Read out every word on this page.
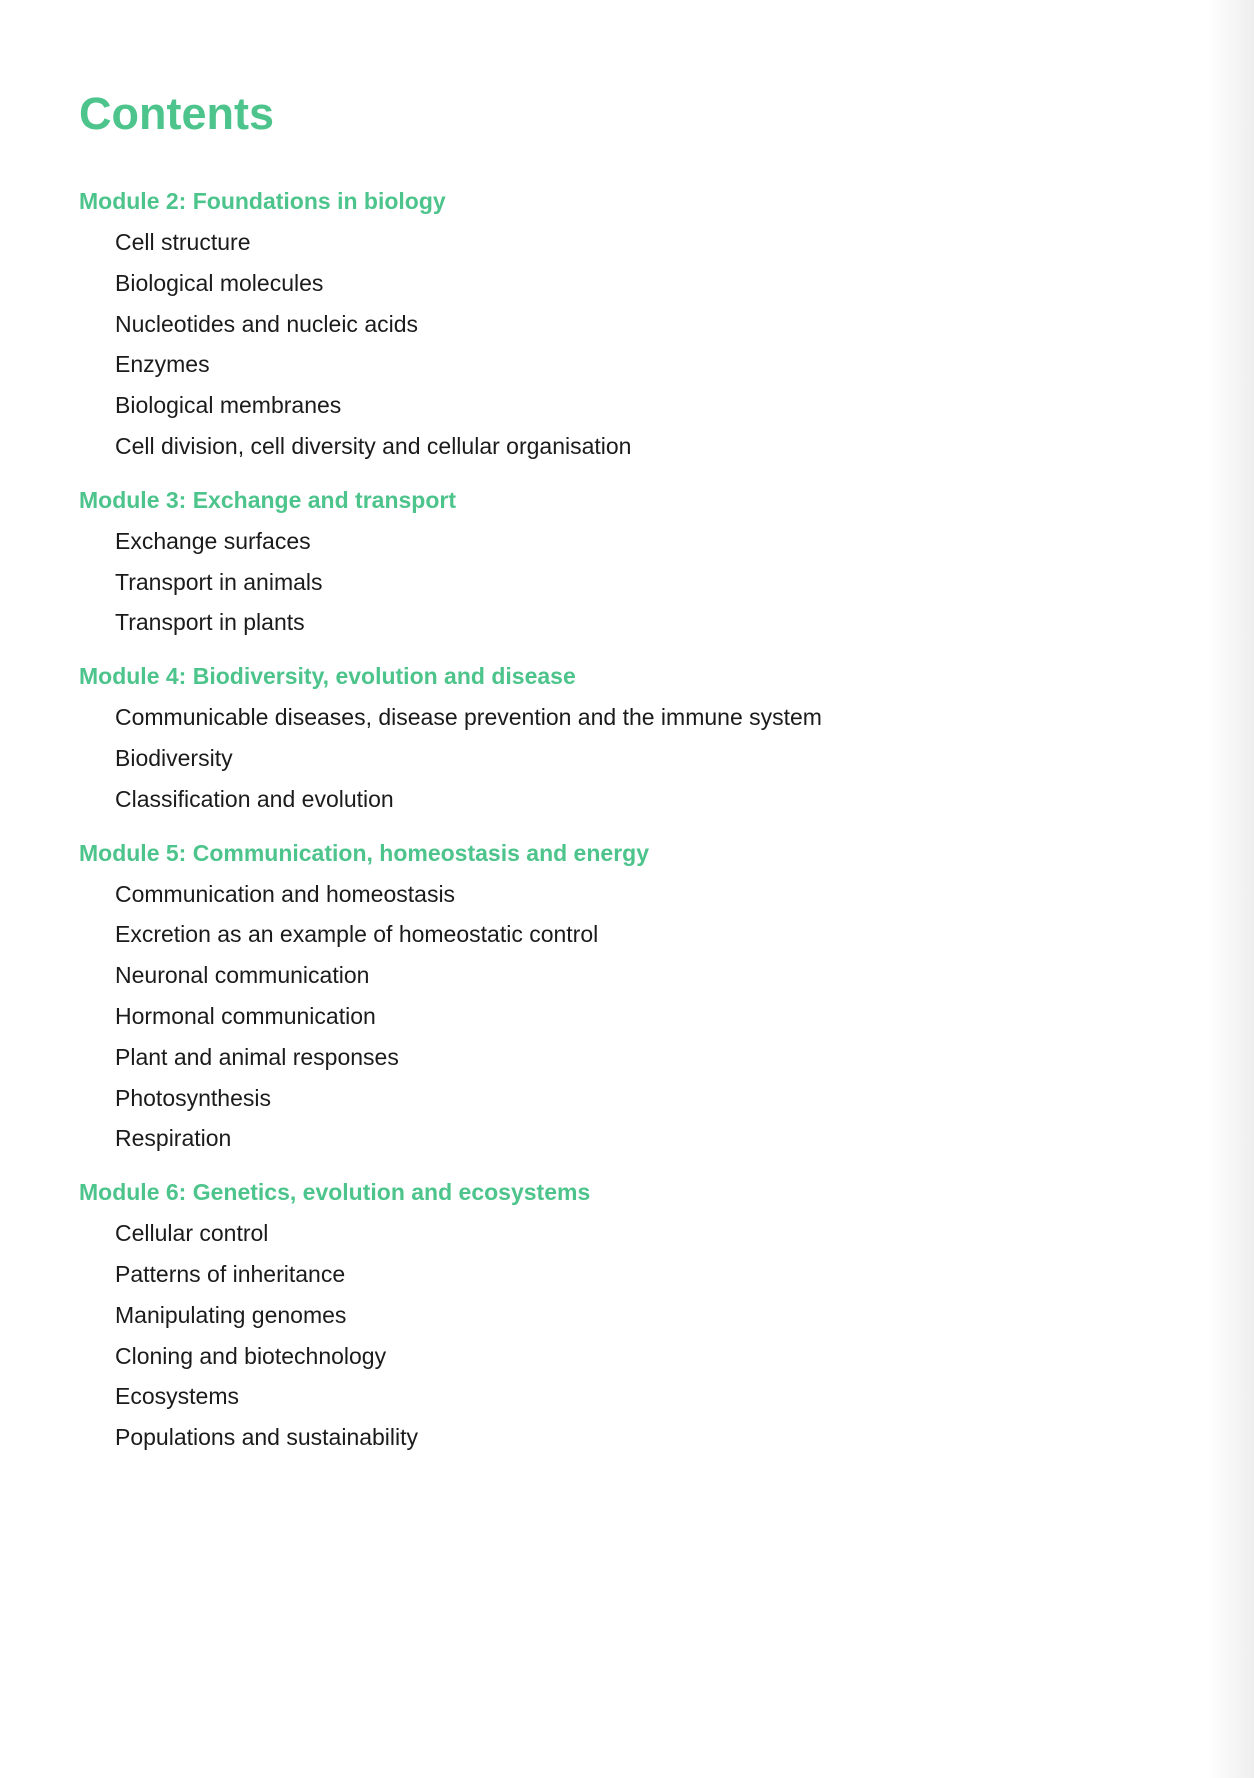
Contents
Module 2: Foundations in biology
Cell structure
Biological molecules
Nucleotides and nucleic acids
Enzymes
Biological membranes
Cell division, cell diversity and cellular organisation
Module 3: Exchange and transport
Exchange surfaces
Transport in animals
Transport in plants
Module 4: Biodiversity, evolution and disease
Communicable diseases, disease prevention and the immune system
Biodiversity
Classification and evolution
Module 5: Communication, homeostasis and energy
Communication and homeostasis
Excretion as an example of homeostatic control
Neuronal communication
Hormonal communication
Plant and animal responses
Photosynthesis
Respiration
Module 6: Genetics, evolution and ecosystems
Cellular control
Patterns of inheritance
Manipulating genomes
Cloning and biotechnology
Ecosystems
Populations and sustainability
